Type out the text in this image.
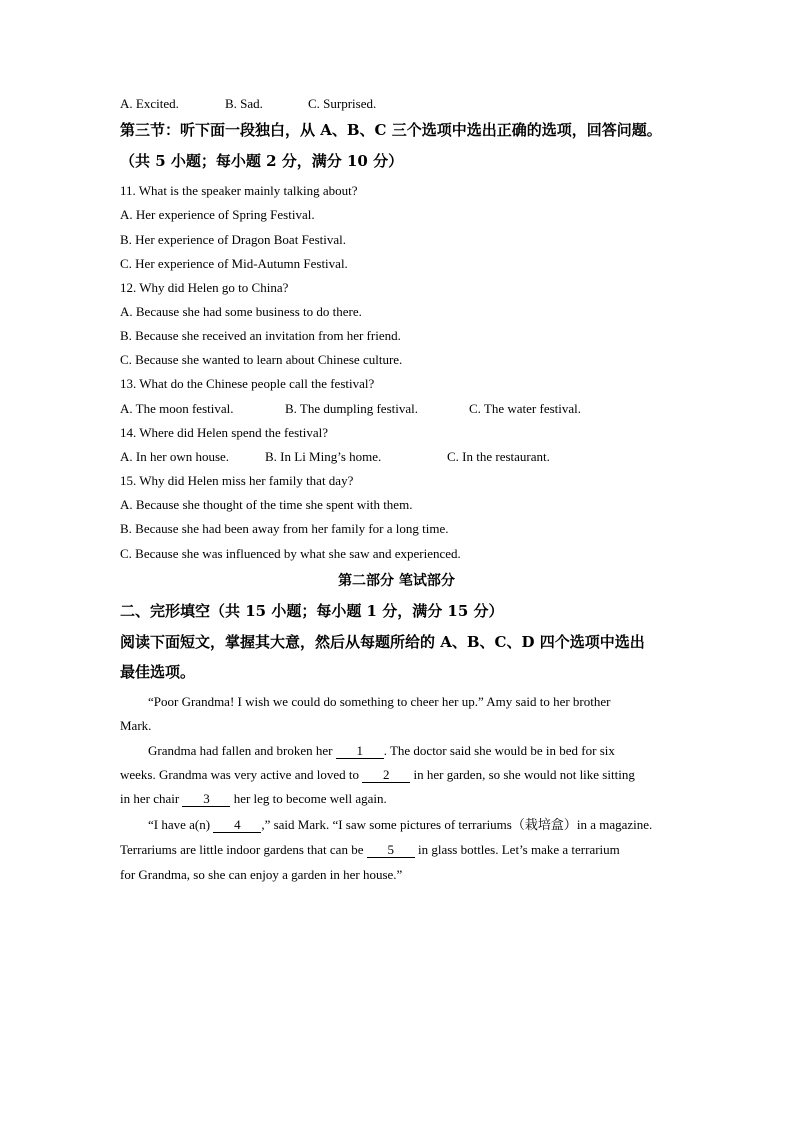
A. Excited.	B. Sad.	C. Surprised.
第三节：听下面一段独白，从 A、B、C 三个选项中选出正确的选项，回答问题。
（共 5 小题；每小题 2 分，满分 10 分）
11. What is the speaker mainly talking about?
A. Her experience of Spring Festival.
B. Her experience of Dragon Boat Festival.
C. Her experience of Mid-Autumn Festival.
12. Why did Helen go to China?
A. Because she had some business to do there.
B. Because she received an invitation from her friend.
C. Because she wanted to learn about Chinese culture.
13. What do the Chinese people call the festival?
A. The moon festival.	B. The dumpling festival.	C. The water festival.
14. Where did Helen spend the festival?
A. In her own house.	B. In Li Ming’s home.	C. In the restaurant.
15. Why did Helen miss her family that day?
A. Because she thought of the time she spent with them.
B. Because she had been away from her family for a long time.
C. Because she was influenced by what she saw and experienced.
第二部分 笔试部分
二、完形填空（共 15 小题；每小题 1 分，满分 15 分）
阅读下面短文，掌握其大意，然后从每题所给的 A、B、C、D 四个选项中选出
最佳选项。
“Poor Grandma! I wish we could do something to cheer her up.” Amy said to her brother
Mark.
Grandma had fallen and broken her 1 . The doctor said she would be in bed for six
weeks. Grandma was very active and loved to 2 in her garden, so she would not like sitting
in her chair 3 her leg to become well again.
“I have a(n) 4 ,” said Mark. “I saw some pictures of terrariums（栽培盒）in a magazine.
Terrariums are little indoor gardens that can be 5 in glass bottles. Let’s make a terrarium
for Grandma, so she can enjoy a garden in her house.”
